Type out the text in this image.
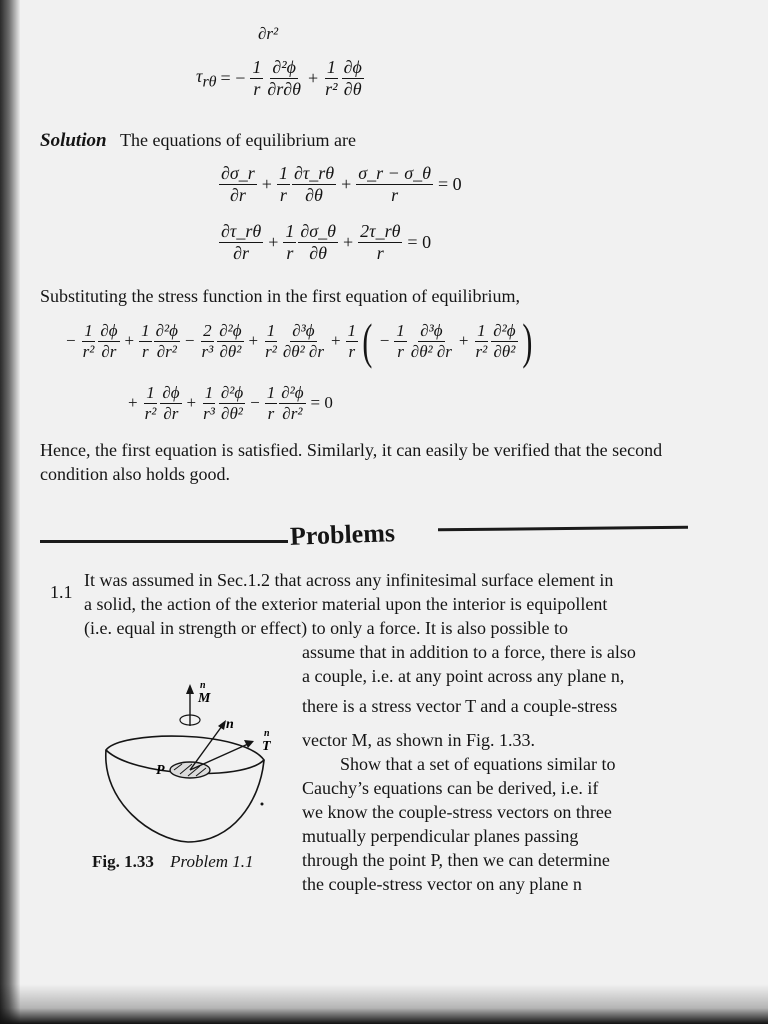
∂r²
$\tau_{r\theta}$ = − $\frac{1}{r} \frac{\text{∂²ϕ}}{\partial r\partial\theta} + \frac{1}{\text{r²}} \frac{\partial\phi}{\partial\theta}$
Solution The equations of equilibrium are
$\frac{\partial\sigma\_r}{\partial r} + \frac{1}{r} \frac{\partial\tau\_r\theta}{\partial\theta} + \frac{\sigma\_r - \sigma\_\theta}{r} = 0$
$\frac{\partial\tau\_r\theta}{\partial r} + \frac{1}{r} \frac{\partial\sigma\_\theta}{\partial\theta} + \frac{2\tau\_r\theta}{r} = 0$
Substituting the stress function in the first equation of equilibrium,
− $\frac{1}{\text{r²}} \frac{\partial\phi}{\partial r} + \frac{1}{r} \frac{\text{∂²ϕ}}{\text{∂r²}} - \frac{2}{\text{r³}} \frac{\text{∂²ϕ}}{\text{∂θ²}} + \frac{1}{\text{r²}} \frac{\text{∂³ϕ}}{\text{∂θ² ∂r}} + \frac{1}{r}$ ( − $\frac{1}{r} \frac{\text{∂³ϕ}}{\text{∂θ² ∂r}} + \frac{1}{\text{r²}} \frac{\text{∂²ϕ}}{\text{∂θ²}}$ )
+ $\frac{1}{\text{r²}} \frac{\partial\phi}{\partial r} + \frac{1}{\text{r³}} \frac{\text{∂²ϕ}}{\text{∂θ²}} - \frac{1}{r} \frac{\text{∂²ϕ}}{\text{∂r²}} = 0$
Hence, the first equation is satisfied. Similarly, it can easily be verified that the second condition also holds good.
Problems
1.1
It was assumed in Sec.1.2 that across any infinitesimal surface element in
a solid, the action of the exterior material upon the interior is equipollent
(i.e. equal in strength or effect) to only a force. It is also possible to
assume that in addition to a force, there is also
a couple, i.e. at any point across any plane n,
there is a stress vector T and a couple-stress
vector M, as shown in Fig. 1.33.
Show that a set of equations similar to
Cauchy’s equations can be derived, i.e. if
we know the couple-stress vectors on three
mutually perpendicular planes passing
through the point P, then we can determine
the couple-stress vector on any plane n
n
M
n
n
T
P
Fig. 1.33 Problem 1.1
